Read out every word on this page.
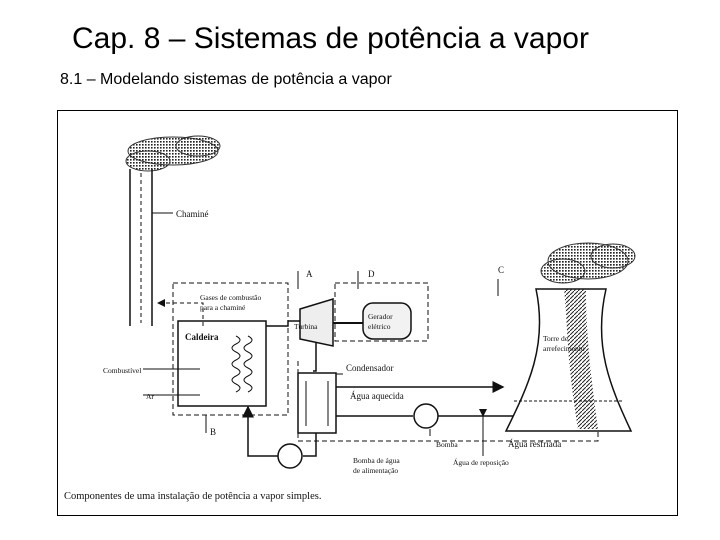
Cap. 8 – Sistemas de potência a vapor
8.1 – Modelando sistemas de potência a vapor
Chaminé
Gases de combustão
para a chaminé
A
Caldeira
Combustível
Ar
Turbina
D
Gerador
elétrico
Condensador
C
Água aquecida
Bomba
Água de reposição
Torre de
arrefecimento
Água resfriada
B
Bomba de água
de alimentação
Componentes de uma instalação de potência a vapor simples.
